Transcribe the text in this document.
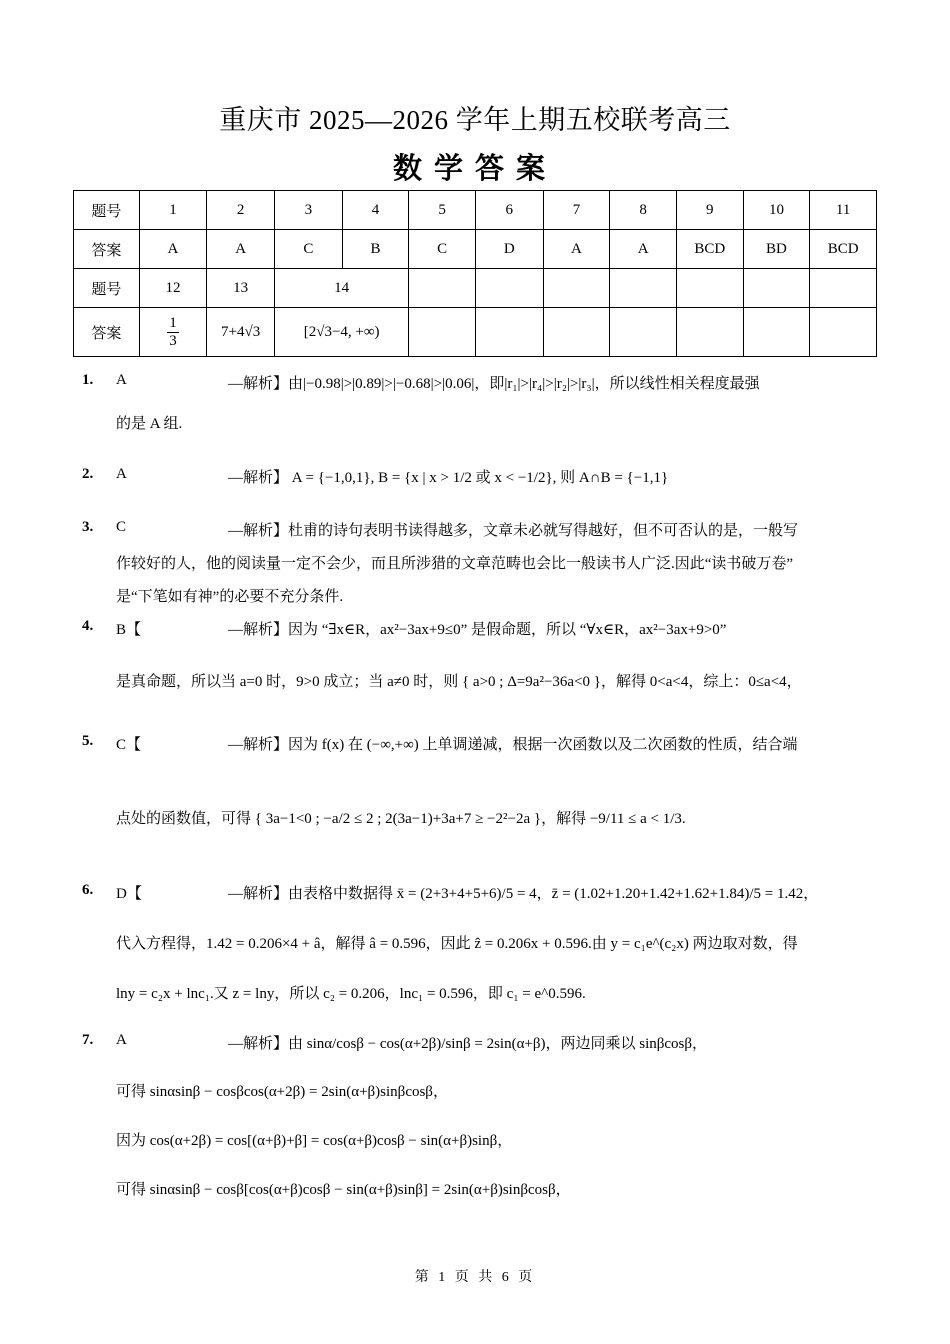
重庆市 2025—2026 学年上期五校联考高三
数学答案
题号	1	2	3	4	5	6	7	8	9	10	11
答案	A	A	C	B	C	D	A	A	BCD	BD	BCD
题号	12	13	14								
答案	$\frac{1}{3}$	7+4√3	[2√3−4, +∞)								
1. A	—解析】由|−0.98|>|0.89|>|−0.68|>|0.06|，即|r₁|>|r₄|>|r₂|>|r₃|，所以线性相关程度最强
的是 A 组.
2. A	—解析】 A = {−1,0,1}, B = {x | x > 1/2 或 x < −1/2}, 则 A∩B = {−1,1}
3. C	—解析】杜甫的诗句表明书读得越多，文章未必就写得越好，但不可否认的是，一般写
作较好的人，他的阅读量一定不会少，而且所涉猎的文章范畴也会比一般读书人广泛.因此“读书破万卷”
是“下笔如有神”的必要不充分条件.
4. B【	—解析】因为 “∃x∈R，ax²−3ax+9≤0” 是假命题，所以 “∀x∈R，ax²−3ax+9>0”
是真命题，所以当 a=0 时，9>0 成立；当 a≠0 时，则 { a>0 ; Δ=9a²−36a<0 }，解得 0<a<4，综上：0≤a<4，
5. C【	—解析】因为 f(x) 在 (−∞,+∞) 上单调递减，根据一次函数以及二次函数的性质，结合端
点处的函数值，可得 { 3a−1<0 ; −a/2 ≤ 2 ; 2(3a−1)+3a+7 ≥ −2²−2a }，解得 −9/11 ≤ a < 1/3.
6. D【	—解析】由表格中数据得 x̄ = (2+3+4+5+6)/5 = 4，z̄ = (1.02+1.20+1.42+1.62+1.84)/5 = 1.42，
代入方程得，1.42 = 0.206×4 + â，解得 â = 0.596，因此 ẑ = 0.206x + 0.596.由 y = c₁e^(c₂x) 两边取对数，得
lny = c₂x + lnc₁.又 z = lny，所以 c₂ = 0.206，lnc₁ = 0.596，即 c₁ = e^0.596.
7. A	—解析】由 sinα/cosβ − cos(α+2β)/sinβ = 2sin(α+β)，两边同乘以 sinβcosβ，
可得 sinαsinβ − cosβcos(α+2β) = 2sin(α+β)sinβcosβ，
因为 cos(α+2β) = cos[(α+β)+β] = cos(α+β)cosβ − sin(α+β)sinβ，
可得 sinαsinβ − cosβ[cos(α+β)cosβ − sin(α+β)sinβ] = 2sin(α+β)sinβcosβ，
第 1 页 共 6 页
